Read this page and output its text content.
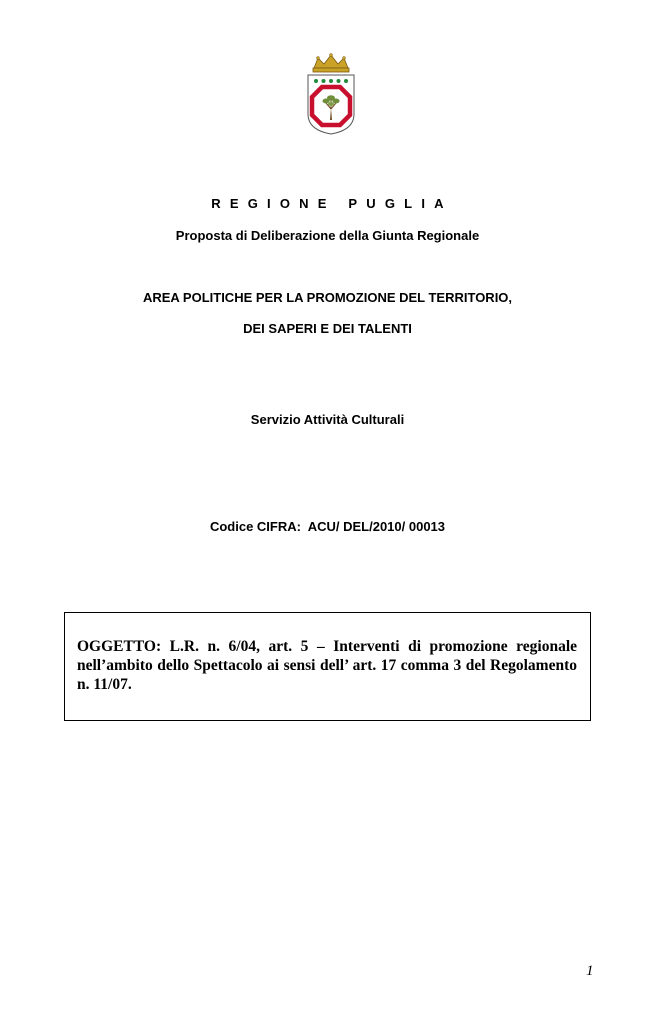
REGIONE PUGLIA
Proposta di Deliberazione della Giunta Regionale
AREA POLITICHE PER LA PROMOZIONE DEL TERRITORIO,
DEI SAPERI E DEI TALENTI
Servizio Attività Culturali
Codice CIFRA:  ACU/ DEL/2010/ 00013
OGGETTO: L.R. n. 6/04, art. 5 – Interventi di promozione regionale nell’ambito dello Spettacolo ai sensi dell’ art. 17 comma 3 del Regolamento n. 11/07.
1
